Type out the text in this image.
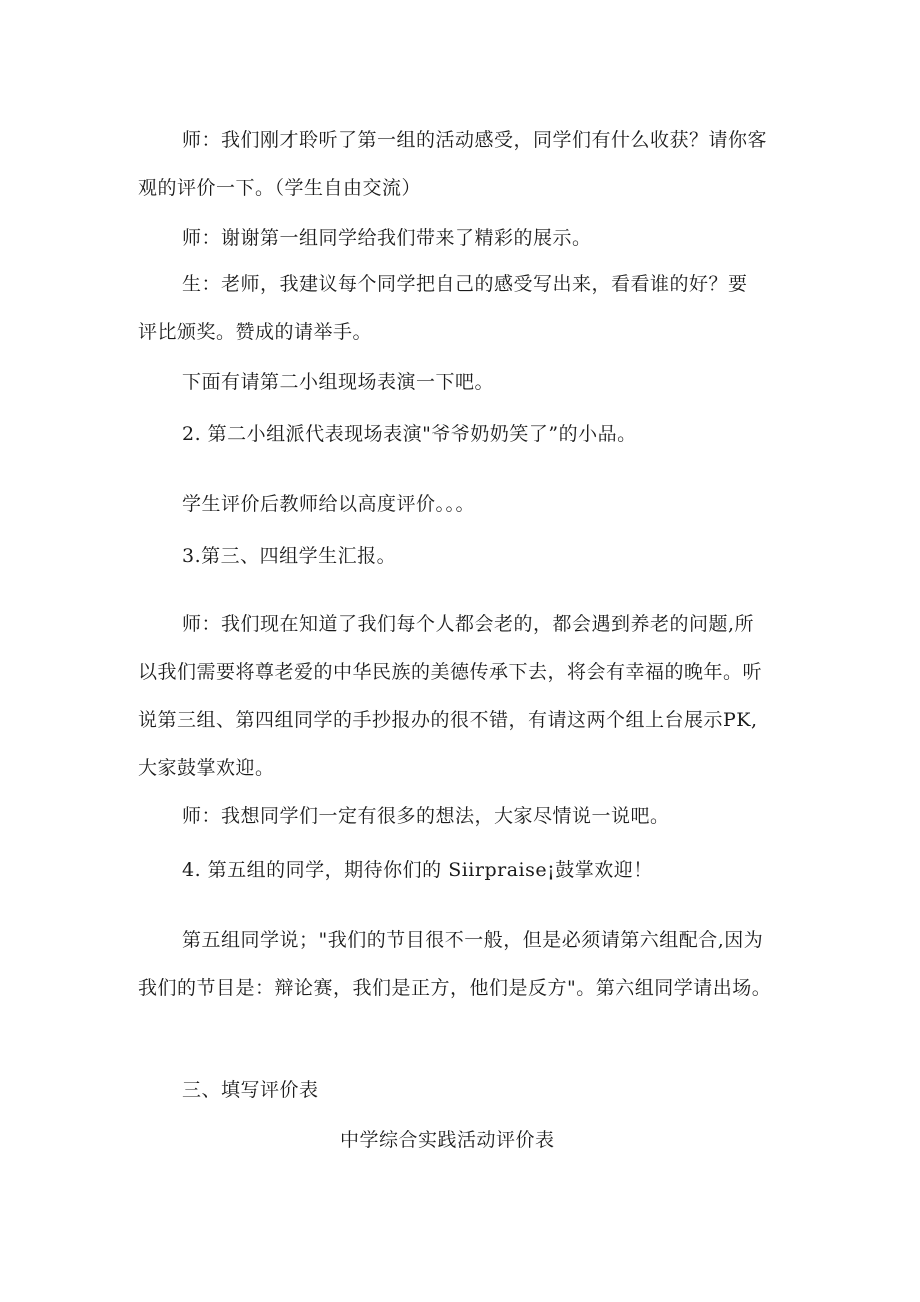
师：我们刚才聆听了第一组的活动感受，同学们有什么收获？请你客
观的评价一下。（学生自由交流）
师：谢谢第一组同学给我们带来了精彩的展示。
生：老师，我建议每个同学把自己的感受写出来，看看谁的好？要
评比颁奖。赞成的请举手。
下面有请第二小组现场表演一下吧。
2. 第二小组派代表现场表演"爷爷奶奶笑了”的小品。
学生评价后教师给以高度评价。。。
3.第三、四组学生汇报。
师：我们现在知道了我们每个人都会老的，都会遇到养老的问题,所
以我们需要将尊老爱的中华民族的美德传承下去，将会有幸福的晚年。听
说第三组、第四组同学的手抄报办的很不错，有请这两个组上台展示PK,
大家鼓掌欢迎。
师：我想同学们一定有很多的想法，大家尽情说一说吧。
4. 第五组的同学，期待你们的 Siirpraise¡鼓掌欢迎！
第五组同学说；"我们的节目很不一般，但是必须请第六组配合,因为
我们的节目是：辩论赛，我们是正方，他们是反方"。第六组同学请出场。
三、填写评价表
中学综合实践活动评价表
